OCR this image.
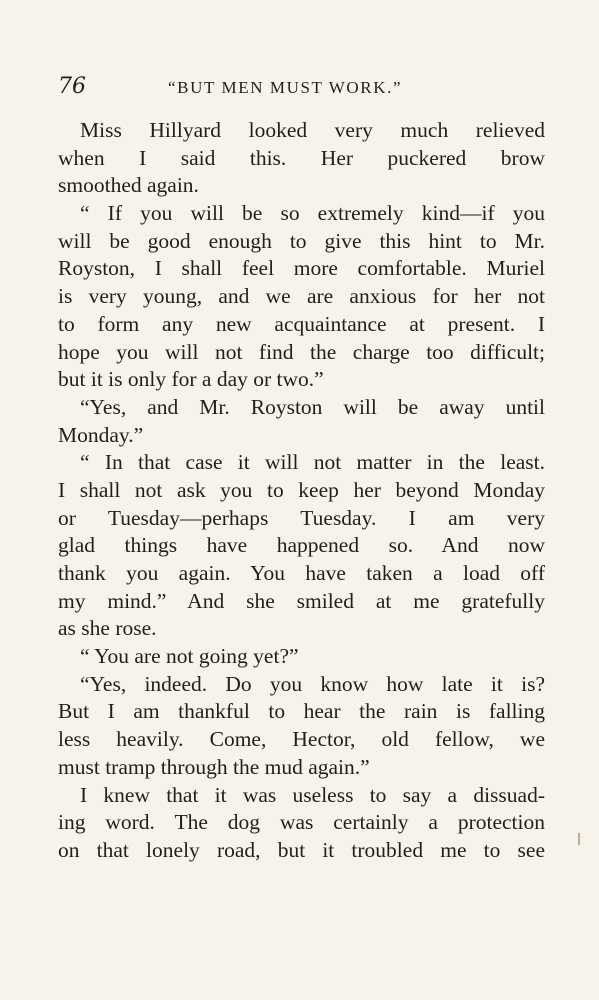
76	“BUT MEN MUST WORK.”
Miss Hillyard looked very much relieved
when I said this. Her puckered brow
smoothed again.
“ If you will be so extremely kind—if you
will be good enough to give this hint to Mr.
Royston, I shall feel more comfortable. Muriel
is very young, and we are anxious for her not
to form any new acquaintance at present. I
hope you will not find the charge too difficult;
but it is only for a day or two.”
“Yes, and Mr. Royston will be away until
Monday.”
“ In that case it will not matter in the least.
I shall not ask you to keep her beyond Monday
or Tuesday—perhaps Tuesday. I am very
glad things have happened so. And now
thank you again. You have taken a load off
my mind.” And she smiled at me gratefully
as she rose.
“ You are not going yet?”
“Yes, indeed. Do you know how late it is?
But I am thankful to hear the rain is falling
less heavily. Come, Hector, old fellow, we
must tramp through the mud again.”
I knew that it was useless to say a dissuad-
ing word. The dog was certainly a protection
on that lonely road, but it troubled me to see
